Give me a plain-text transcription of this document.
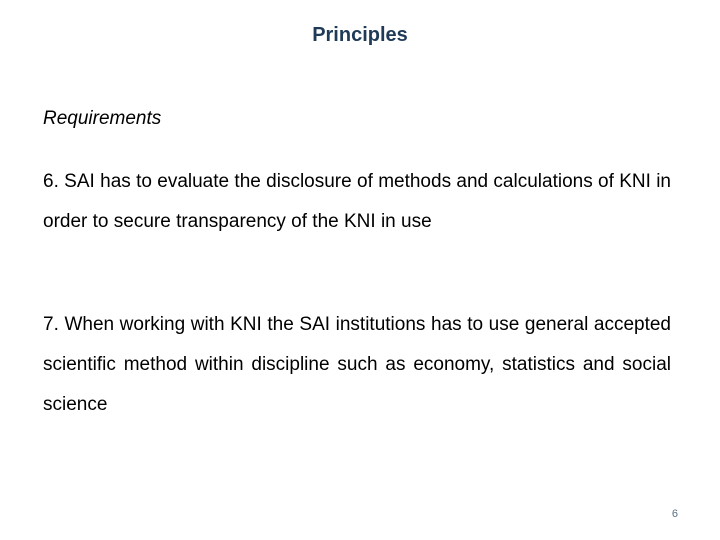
Principles
Requirements

6. SAI has to evaluate the disclosure of methods and calculations of KNI in order to secure transparency of the KNI in use

7. When working with KNI the SAI institutions has to use general accepted scientific method within discipline such as economy, statistics and social science

6
